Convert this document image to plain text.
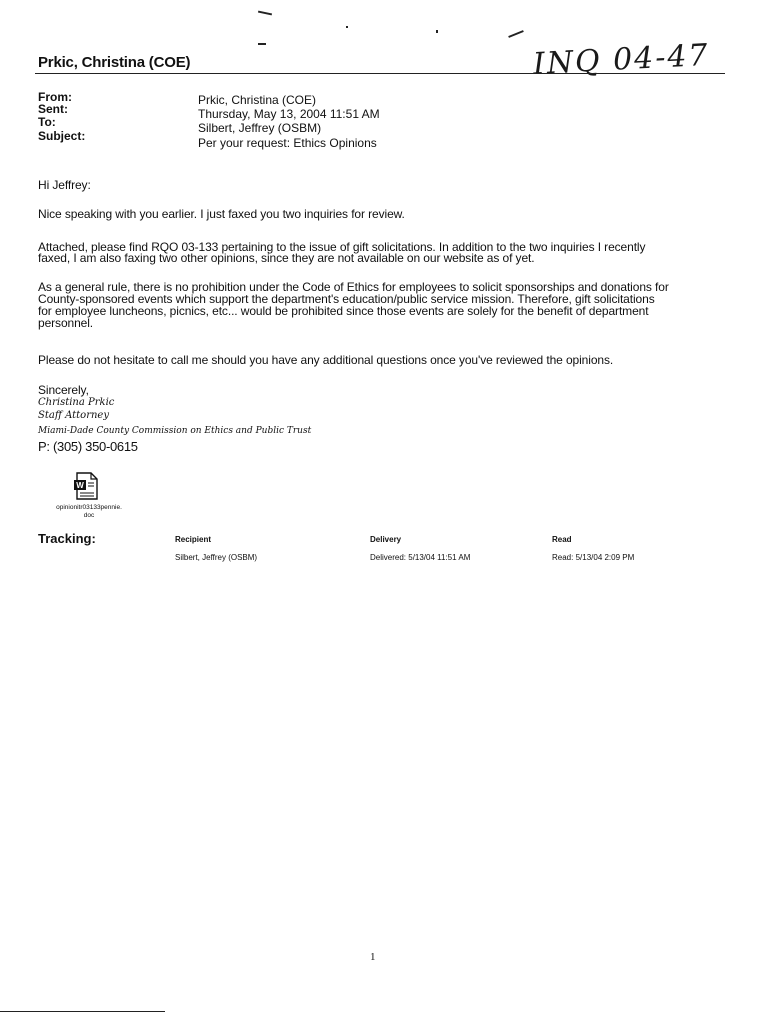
Prkic, Christina (COE)	INQ 04-47
From:	Prkic, Christina (COE)
Sent:	Thursday, May 13, 2004 11:51 AM
To:	Silbert, Jeffrey (OSBM)
Subject:	Per your request: Ethics Opinions
Hi Jeffrey:
Nice speaking with you earlier. I just faxed you two inquiries for review.
Attached, please find RQO 03-133 pertaining to the issue of gift solicitations. In addition to the two inquiries I recently
faxed, I am also faxing two other opinions, since they are not available on our website as of yet.
As a general rule, there is no prohibition under the Code of Ethics for employees to solicit sponsorships and donations for
County-sponsored events which support the department's education/public service mission. Therefore, gift solicitations
for employee luncheons, picnics, etc... would be prohibited since those events are solely for the benefit of department
personnel.
Please do not hesitate to call me should you have any additional questions once you've reviewed the opinions.
Sincerely,
Christina Prkic
Staff Attorney
Miami-Dade County Commission on Ethics and Public Trust
P: (305) 350-0615
W
opinionitr03133pennie.
doc
Tracking:	Recipient	Delivery	Read
Silbert, Jeffrey (OSBM)	Delivered: 5/13/04 11:51 AM	Read: 5/13/04 2:09 PM
1
